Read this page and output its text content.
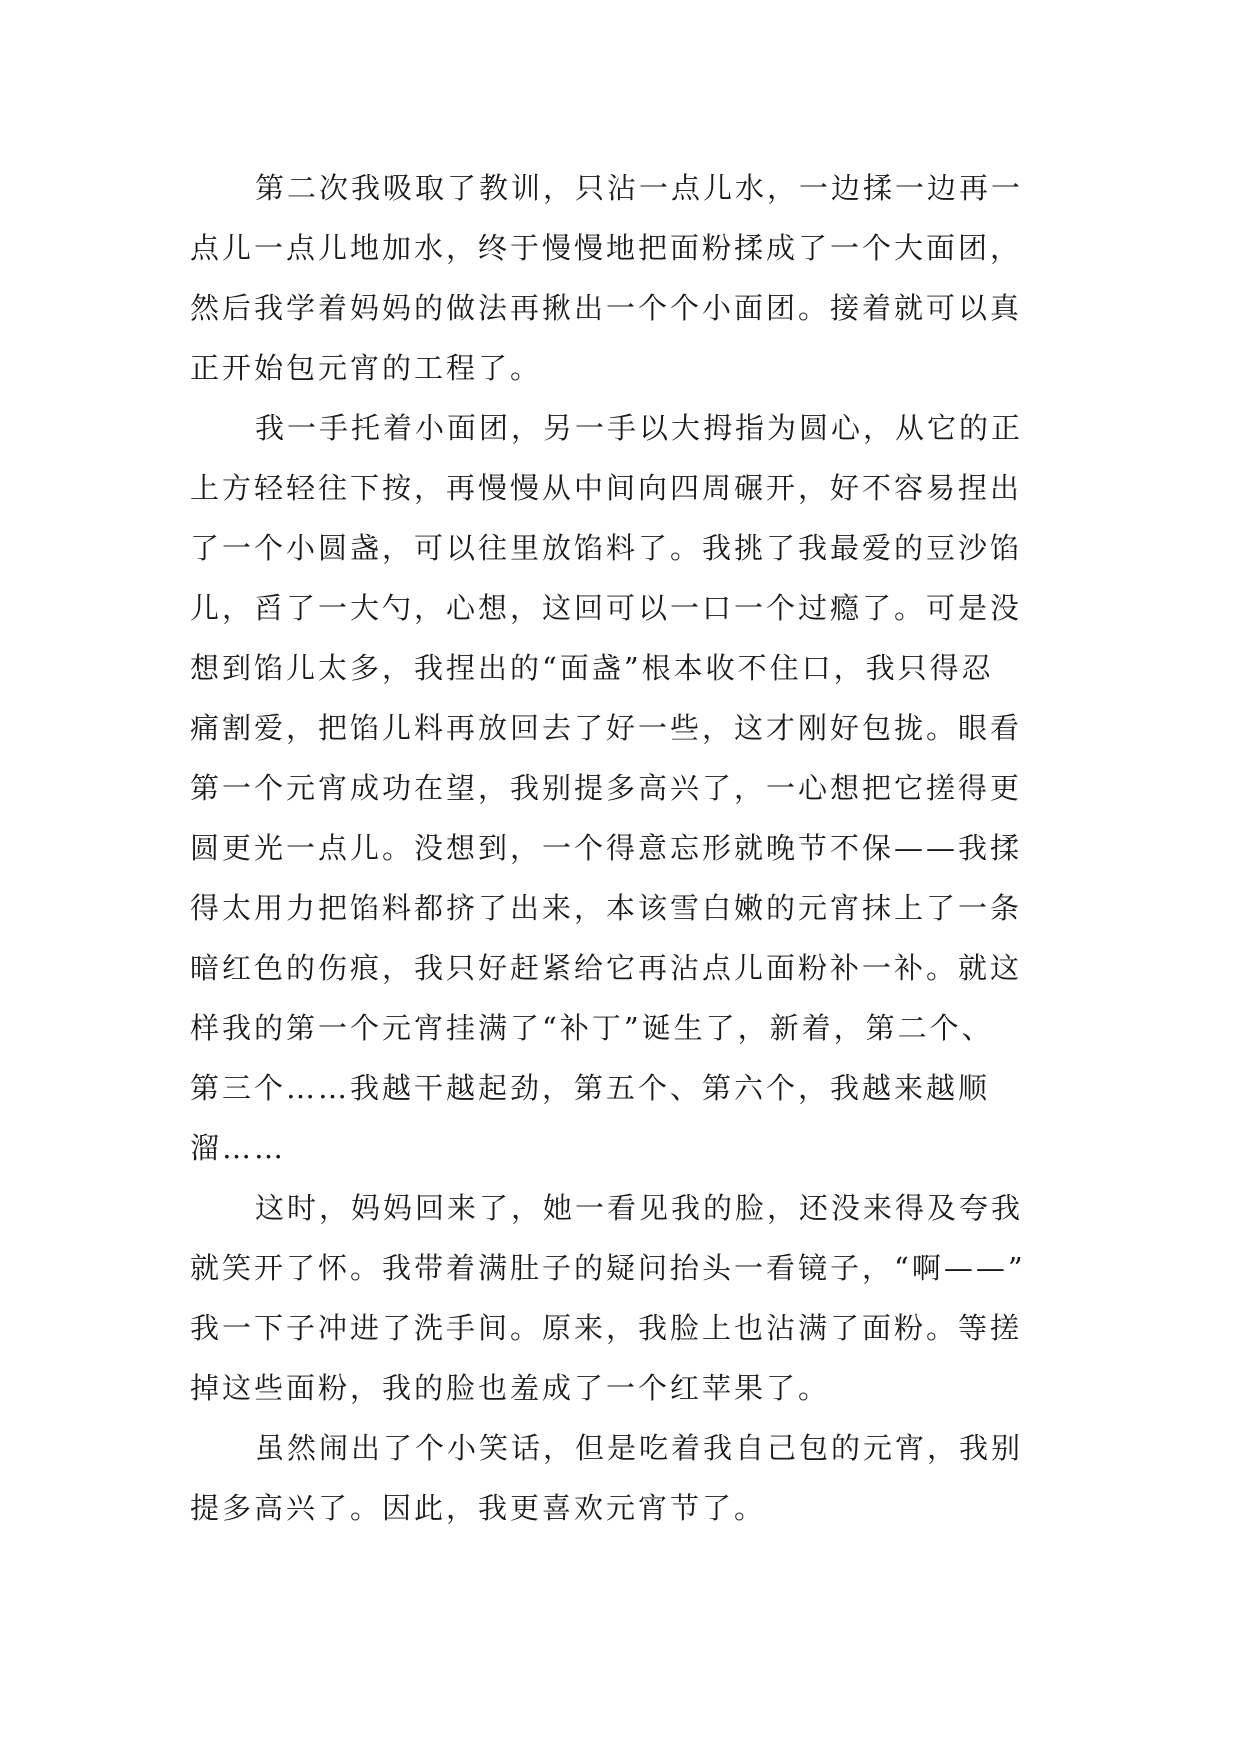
第二次我吸取了教训，只沾一点儿水，一边揉一边再一
点儿一点儿地加水，终于慢慢地把面粉揉成了一个大面团，
然后我学着妈妈的做法再揪出一个个小面团。接着就可以真
正开始包元宵的工程了。
我一手托着小面团，另一手以大拇指为圆心，从它的正
上方轻轻往下按，再慢慢从中间向四周碾开，好不容易捏出
了一个小圆盏，可以往里放馅料了。我挑了我最爱的豆沙馅
儿，舀了一大勺，心想，这回可以一口一个过瘾了。可是没
想到馅儿太多，我捏出的“面盏”根本收不住口，我只得忍
痛割爱，把馅儿料再放回去了好一些，这才刚好包拢。眼看
第一个元宵成功在望，我别提多高兴了，一心想把它搓得更
圆更光一点儿。没想到，一个得意忘形就晚节不保——我揉
得太用力把馅料都挤了出来，本该雪白嫩的元宵抹上了一条
暗红色的伤痕，我只好赶紧给它再沾点儿面粉补一补。就这
样我的第一个元宵挂满了“补丁”诞生了，新着，第二个、
第三个……我越干越起劲，第五个、第六个，我越来越顺
溜……
这时，妈妈回来了，她一看见我的脸，还没来得及夸我
就笑开了怀。我带着满肚子的疑问抬头一看镜子，“啊——”
我一下子冲进了洗手间。原来，我脸上也沾满了面粉。等搓
掉这些面粉，我的脸也羞成了一个红苹果了。
虽然闹出了个小笑话，但是吃着我自己包的元宵，我别
提多高兴了。因此，我更喜欢元宵节了。
